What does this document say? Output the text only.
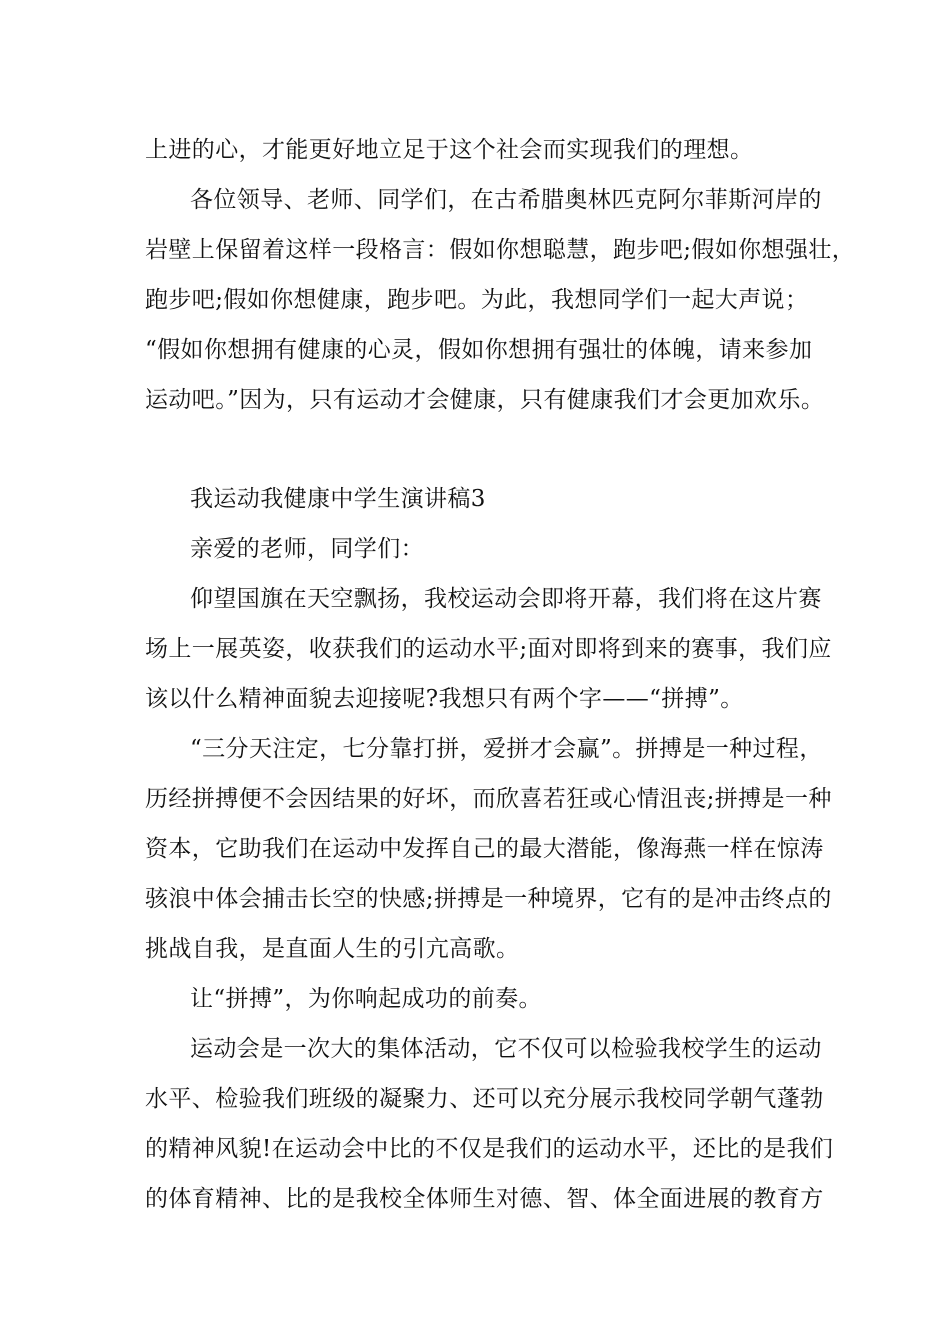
上进的心，才能更好地立足于这个社会而实现我们的理想。

各位领导、老师、同学们，在古希腊奥林匹克阿尔菲斯河岸的

岩壁上保留着这样一段格言：假如你想聪慧，跑步吧;假如你想强壮，

跑步吧;假如你想健康，跑步吧。为此，我想同学们一起大声说；

“假如你想拥有健康的心灵，假如你想拥有强壮的体魄，请来参加

运动吧。”因为，只有运动才会健康，只有健康我们才会更加欢乐。

我运动我健康中学生演讲稿3

亲爱的老师，同学们：

仰望国旗在天空飘扬，我校运动会即将开幕，我们将在这片赛

场上一展英姿，收获我们的运动水平;面对即将到来的赛事，我们应

该以什么精神面貌去迎接呢?我想只有两个字——“拼搏”。

“三分天注定，七分靠打拼，爱拼才会赢”。拼搏是一种过程，

历经拼搏便不会因结果的好坏，而欣喜若狂或心情沮丧;拼搏是一种

资本，它助我们在运动中发挥自己的最大潜能，像海燕一样在惊涛

骇浪中体会捕击长空的快感;拼搏是一种境界，它有的是冲击终点的

挑战自我，是直面人生的引亢高歌。

让“拼搏”，为你响起成功的前奏。

运动会是一次大的集体活动，它不仅可以检验我校学生的运动

水平、检验我们班级的凝聚力、还可以充分展示我校同学朝气蓬勃

的精神风貌!在运动会中比的不仅是我们的运动水平，还比的是我们

的体育精神、比的是我校全体师生对德、智、体全面进展的教育方
